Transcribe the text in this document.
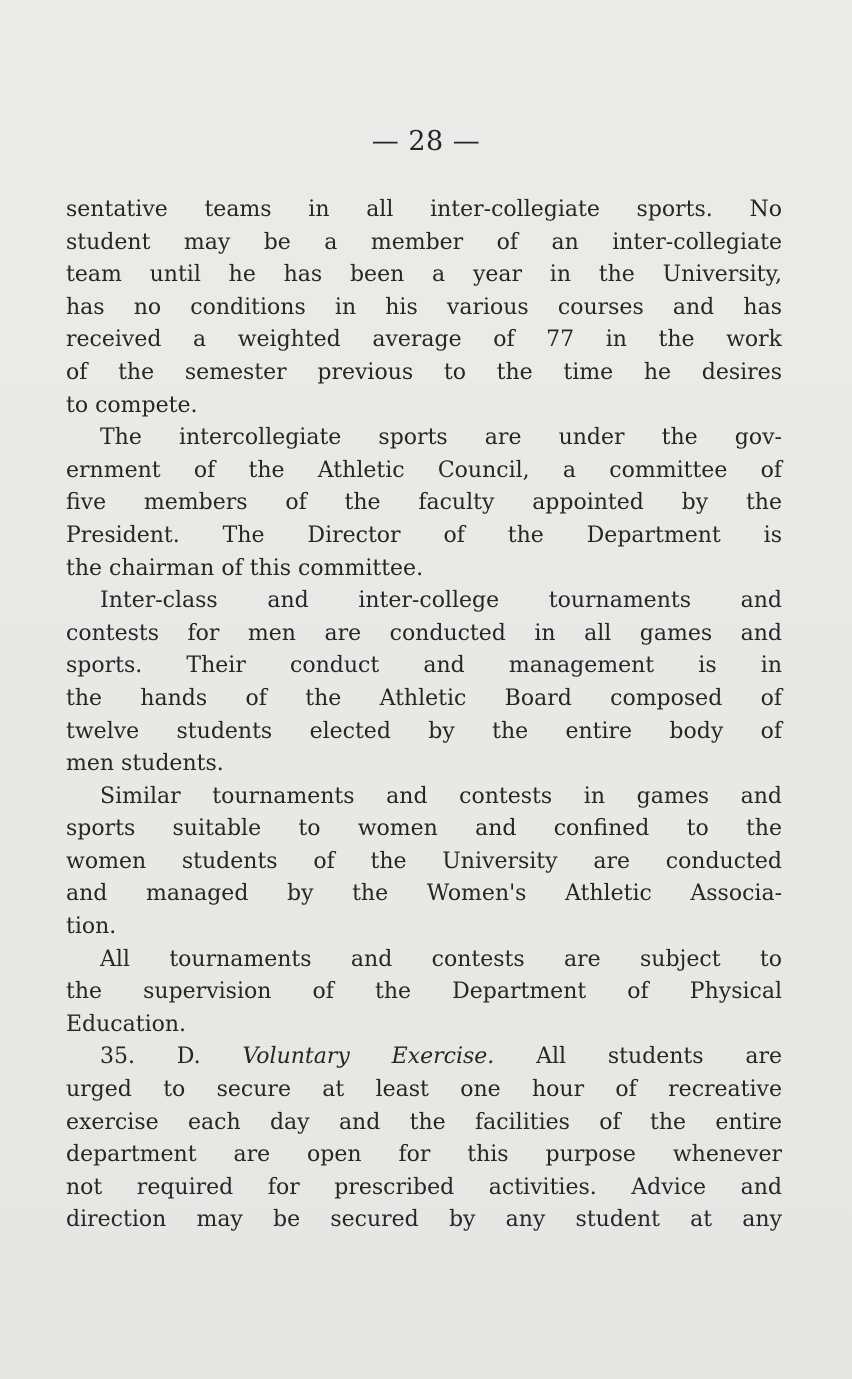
— 28 —
sentative teams in all inter-collegiate sports. No
student may be a member of an inter-collegiate
team until he has been a year in the University,
has no conditions in his various courses and has
received a weighted average of 77 in the work
of the semester previous to the time he desires
to compete.
The intercollegiate sports are under the gov-
ernment of the Athletic Council, a committee of
five members of the faculty appointed by the
President. The Director of the Department is
the chairman of this committee.
Inter-class and inter-college tournaments and
contests for men are conducted in all games and
sports. Their conduct and management is in
the hands of the Athletic Board composed of
twelve students elected by the entire body of
men students.
Similar tournaments and contests in games and
sports suitable to women and confined to the
women students of the University are conducted
and managed by the Women's Athletic Associa-
tion.
All tournaments and contests are subject to
the supervision of the Department of Physical
Education.
35. D. Voluntary Exercise. All students are
urged to secure at least one hour of recreative
exercise each day and the facilities of the entire
department are open for this purpose whenever
not required for prescribed activities. Advice and
direction may be secured by any student at any
